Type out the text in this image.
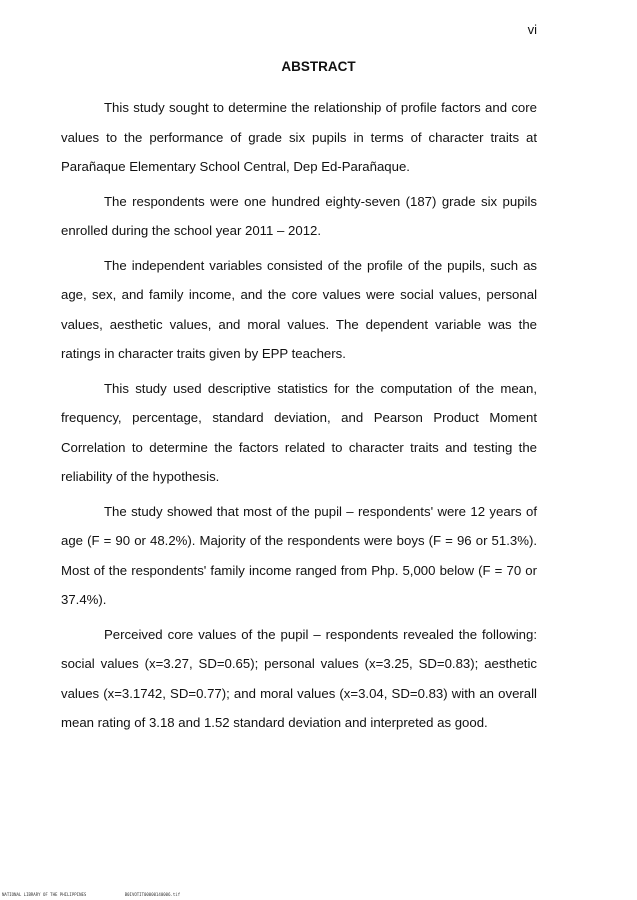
vi
ABSTRACT

This study sought to determine the relationship of profile factors and core values to the performance of grade six pupils in terms of character traits at Parañaque Elementary School Central, Dep Ed-Parañaque.

The respondents were one hundred eighty-seven (187) grade six pupils enrolled during the school year 2011 – 2012.

The independent variables consisted of the profile of the pupils, such as age, sex, and family income, and the core values were social values, personal values, aesthetic values, and moral values. The dependent variable was the ratings in character traits given by EPP teachers.

This study used descriptive statistics for the computation of the mean, frequency, percentage, standard deviation, and Pearson Product Moment Correlation to determine the factors related to character traits and testing the reliability of the hypothesis.

The study showed that most of the pupil – respondents' were 12 years of age (F = 90 or 48.2%). Majority of the respondents were boys (F = 96 or 51.3%). Most of the respondents' family income ranged from Php. 5,000 below (F = 70 or 37.4%).

Perceived core values of the pupil – respondents revealed the following: social values (x=3.27, SD=0.65); personal values (x=3.25, SD=0.83); aesthetic values (x=3.1742, SD=0.77); and moral values (x=3.04, SD=0.83) with an overall mean rating of 3.18 and 1.52 standard deviation and interpreted as good.

NATIONAL LIBRARY OF THE PHILIPPINES	B0IVOTIT00000140006.tif
